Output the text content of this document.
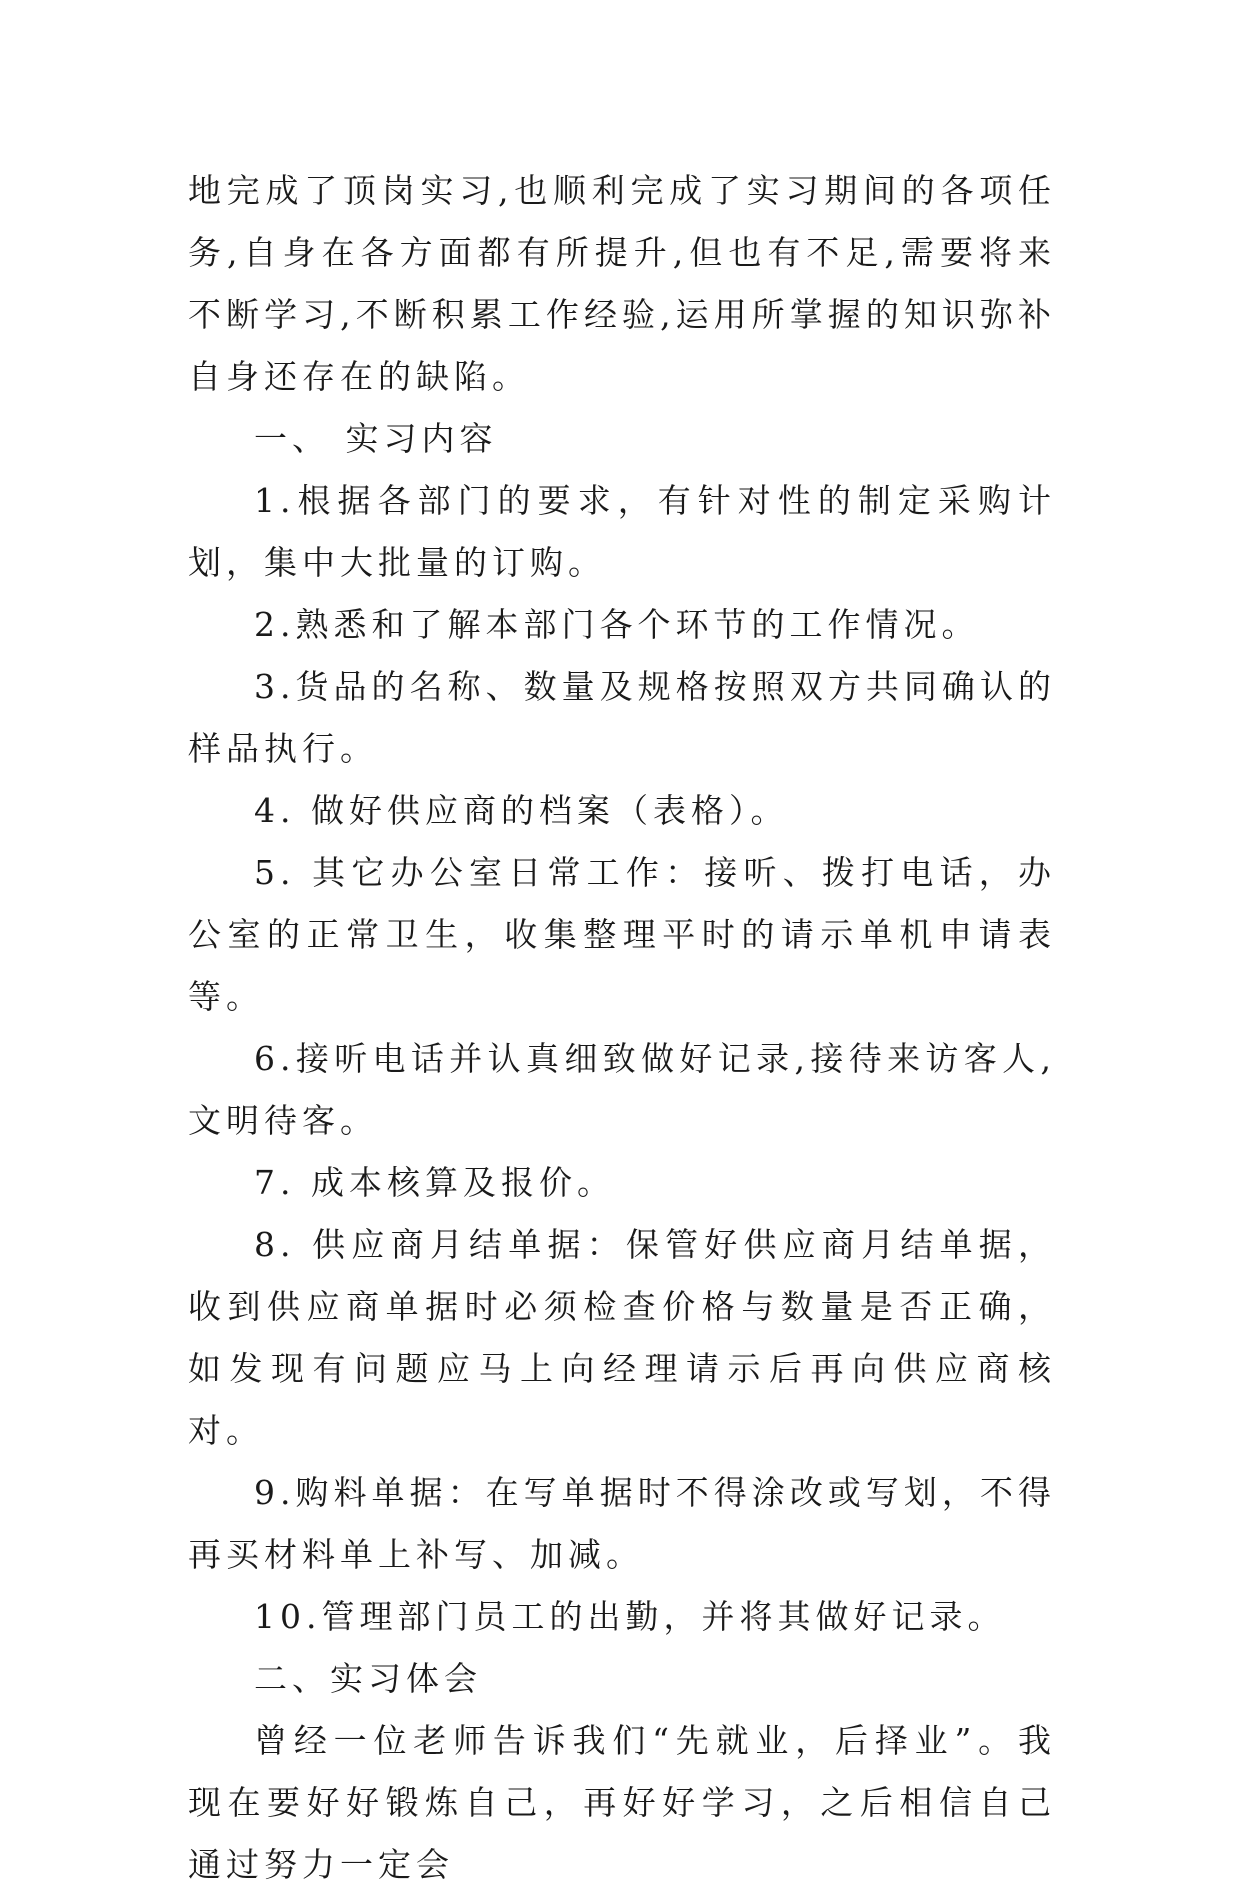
地完成了顶岗实习,也顺利完成了实习期间的各项任务,自身在各方面都有所提升,但也有不足,需要将来不断学习,不断积累工作经验,运用所掌握的知识弥补自身还存在的缺陷。

一、 实习内容

1.根据各部门的要求，有针对性的制定采购计划，集中大批量的订购。

2.熟悉和了解本部门各个环节的工作情况。

3.货品的名称、数量及规格按照双方共同确认的样品执行。

4. 做好供应商的档案（表格）。

5. 其它办公室日常工作：接听、拨打电话，办公室的正常卫生，收集整理平时的请示单机申请表等。

6.接听电话并认真细致做好记录,接待来访客人,文明待客。

7. 成本核算及报价。

8. 供应商月结单据：保管好供应商月结单据，收到供应商单据时必须检查价格与数量是否正确，如发现有问题应马上向经理请示后再向供应商核对。

9.购料单据：在写单据时不得涂改或写划，不得再买材料单上补写、加减。

10.管理部门员工的出勤，并将其做好记录。

二、实习体会

曾经一位老师告诉我们“先就业，后择业”。我现在要好好锻炼自己，再好好学习，之后相信自己通过努力一定会
